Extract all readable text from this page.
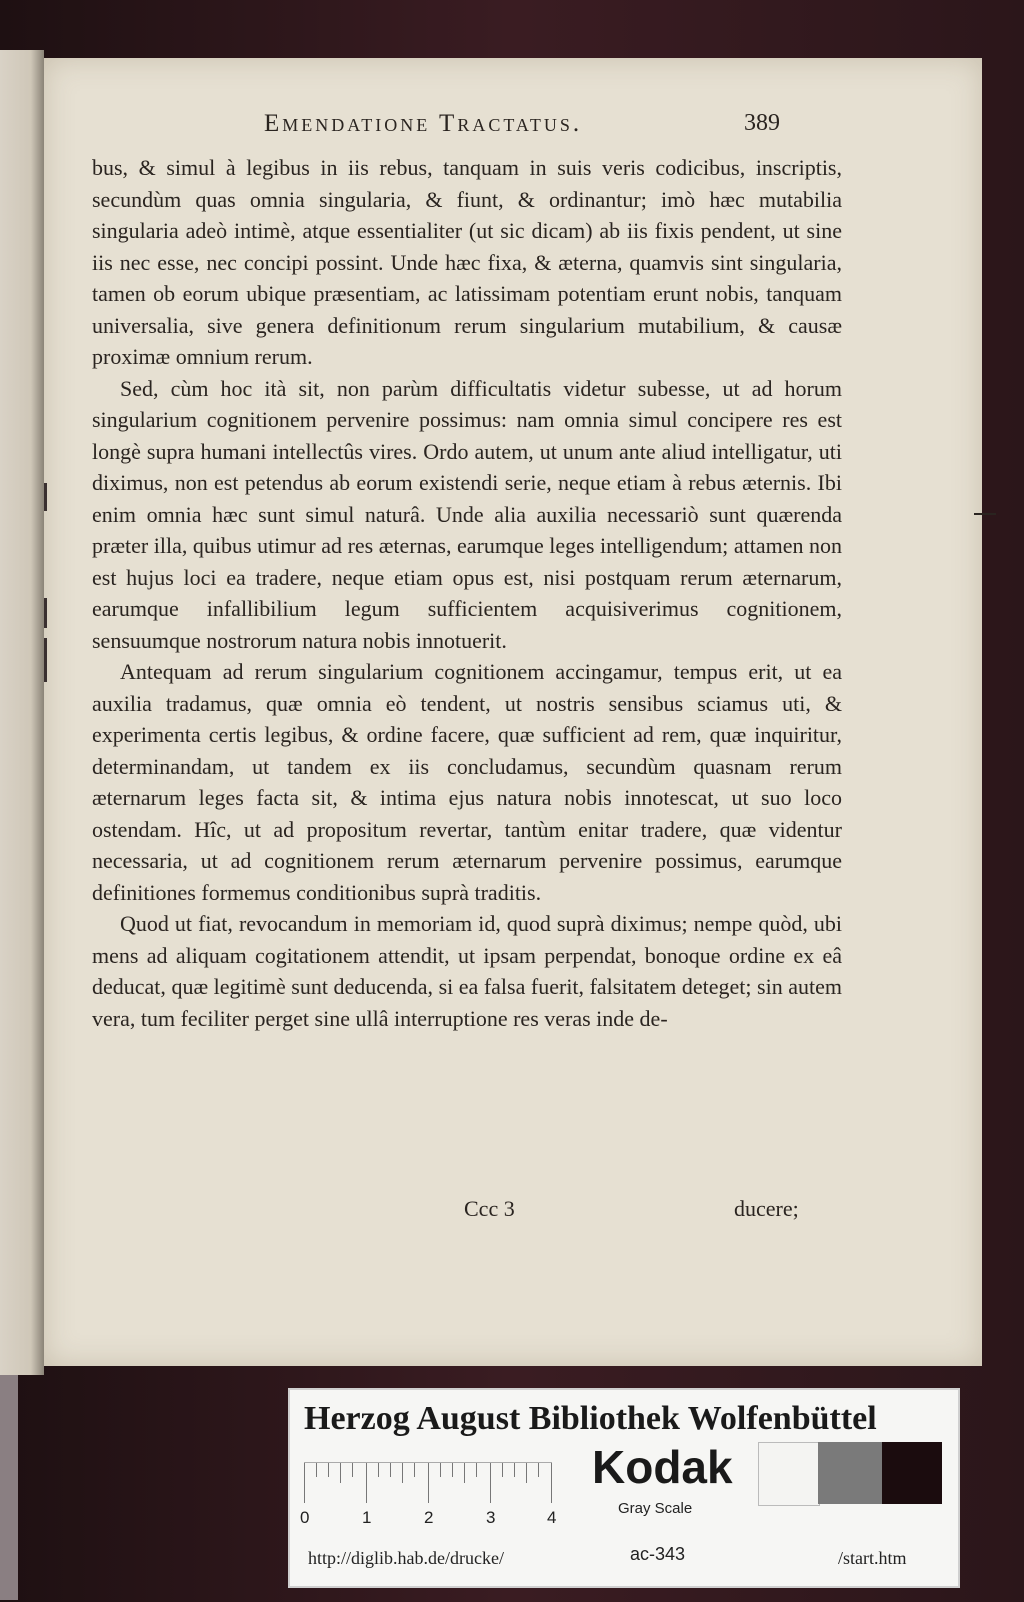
Emendatione Tractatus.	389

bus, & simul à legibus in iis rebus, tanquam in suis veris codicibus, inscriptis, secundùm quas omnia singularia, & fiunt, & ordinantur; imò hæc mutabilia singularia adeò intimè, atque essentialiter (ut sic dicam) ab iis fixis pendent, ut sine iis nec esse, nec concipi possint. Unde hæc fixa, & æterna, quamvis sint singularia, tamen ob eorum ubique præsentiam, ac latissimam potentiam erunt nobis, tanquam universalia, sive genera definitionum rerum singularium mutabilium, & causæ proximæ omnium rerum.

Sed, cùm hoc ità sit, non parùm difficultatis videtur subesse, ut ad horum singularium cognitionem pervenire possimus: nam omnia simul concipere res est longè supra humani intellectûs vires. Ordo autem, ut unum ante aliud intelligatur, uti diximus, non est petendus ab eorum existendi serie, neque etiam à rebus æternis. Ibi enim omnia hæc sunt simul naturâ. Unde alia auxilia necessariò sunt quærenda præter illa, quibus utimur ad res æternas, earumque leges intelligendum; attamen non est hujus loci ea tradere, neque etiam opus est, nisi postquam rerum æternarum, earumque infallibilium legum sufficientem acquisiverimus cognitionem, sensuumque nostrorum natura nobis innotuerit.

Antequam ad rerum singularium cognitionem accingamur, tempus erit, ut ea auxilia tradamus, quæ omnia eò tendent, ut nostris sensibus sciamus uti, & experimenta certis legibus, & ordine facere, quæ sufficient ad rem, quæ inquiritur, determinandam, ut tandem ex iis concludamus, secundùm quasnam rerum æternarum leges facta sit, & intima ejus natura nobis innotescat, ut suo loco ostendam. Hîc, ut ad propositum revertar, tantùm enitar tradere, quæ videntur necessaria, ut ad cognitionem rerum æternarum pervenire possimus, earumque definitiones formemus conditionibus suprà traditis.

Quod ut fiat, revocandum in memoriam id, quod suprà diximus; nempe quòd, ubi mens ad aliquam cogitationem attendit, ut ipsam perpendat, bonoque ordine ex eâ deducat, quæ legitimè sunt deducenda, si ea falsa fuerit, falsitatem deteget; sin autem vera, tum feciliter perget sine ullâ interruptione res veras inde de-

Ccc 3	ducere;
Herzog August Bibliothek Wolfenbüttel
0	1	2	3	4
Kodak
Gray Scale
http://diglib.hab.de/drucke/	ac-343	/start.htm
